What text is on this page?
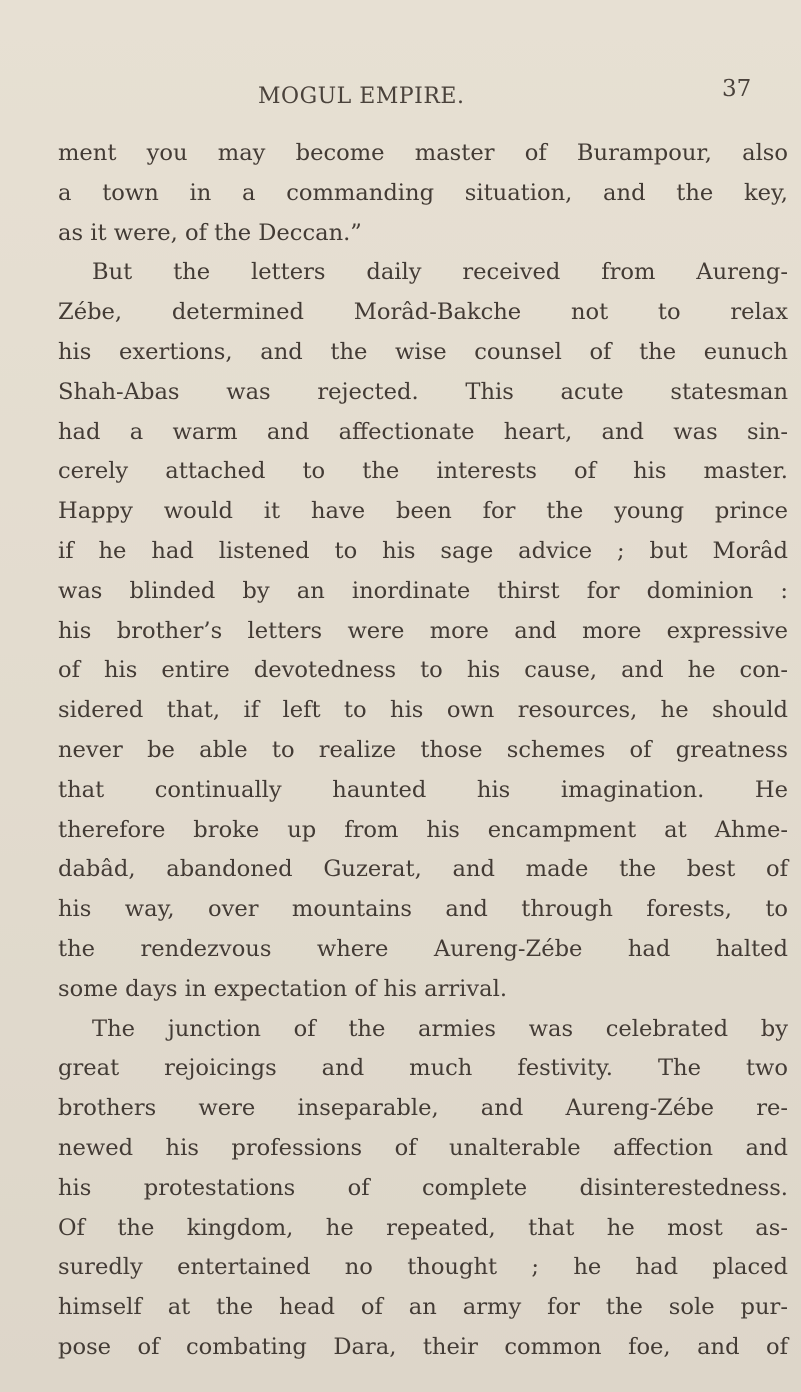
MOGUL EMPIRE.	37
ment you may become master of Burampour, also
a town in a commanding situation, and the key,
as it were, of the Deccan.”
But the letters daily received from Aureng-
Zébe, determined Morâd-Bakche not to relax
his exertions, and the wise counsel of the eunuch
Shah-Abas was rejected. This acute statesman
had a warm and affectionate heart, and was sin-
cerely attached to the interests of his master.
Happy would it have been for the young prince
if he had listened to his sage advice ; but Morâd
was blinded by an inordinate thirst for dominion :
his brother’s letters were more and more expressive
of his entire devotedness to his cause, and he con-
sidered that, if left to his own resources, he should
never be able to realize those schemes of greatness
that continually haunted his imagination. He
therefore broke up from his encampment at Ahme-
dabâd, abandoned Guzerat, and made the best of
his way, over mountains and through forests, to
the rendezvous where Aureng-Zébe had halted
some days in expectation of his arrival.
The junction of the armies was celebrated by
great rejoicings and much festivity. The two
brothers were inseparable, and Aureng-Zébe re-
newed his professions of unalterable affection and
his protestations of complete disinterestedness.
Of the kingdom, he repeated, that he most as-
suredly entertained no thought ; he had placed
himself at the head of an army for the sole pur-
pose of combating Dara, their common foe, and of
